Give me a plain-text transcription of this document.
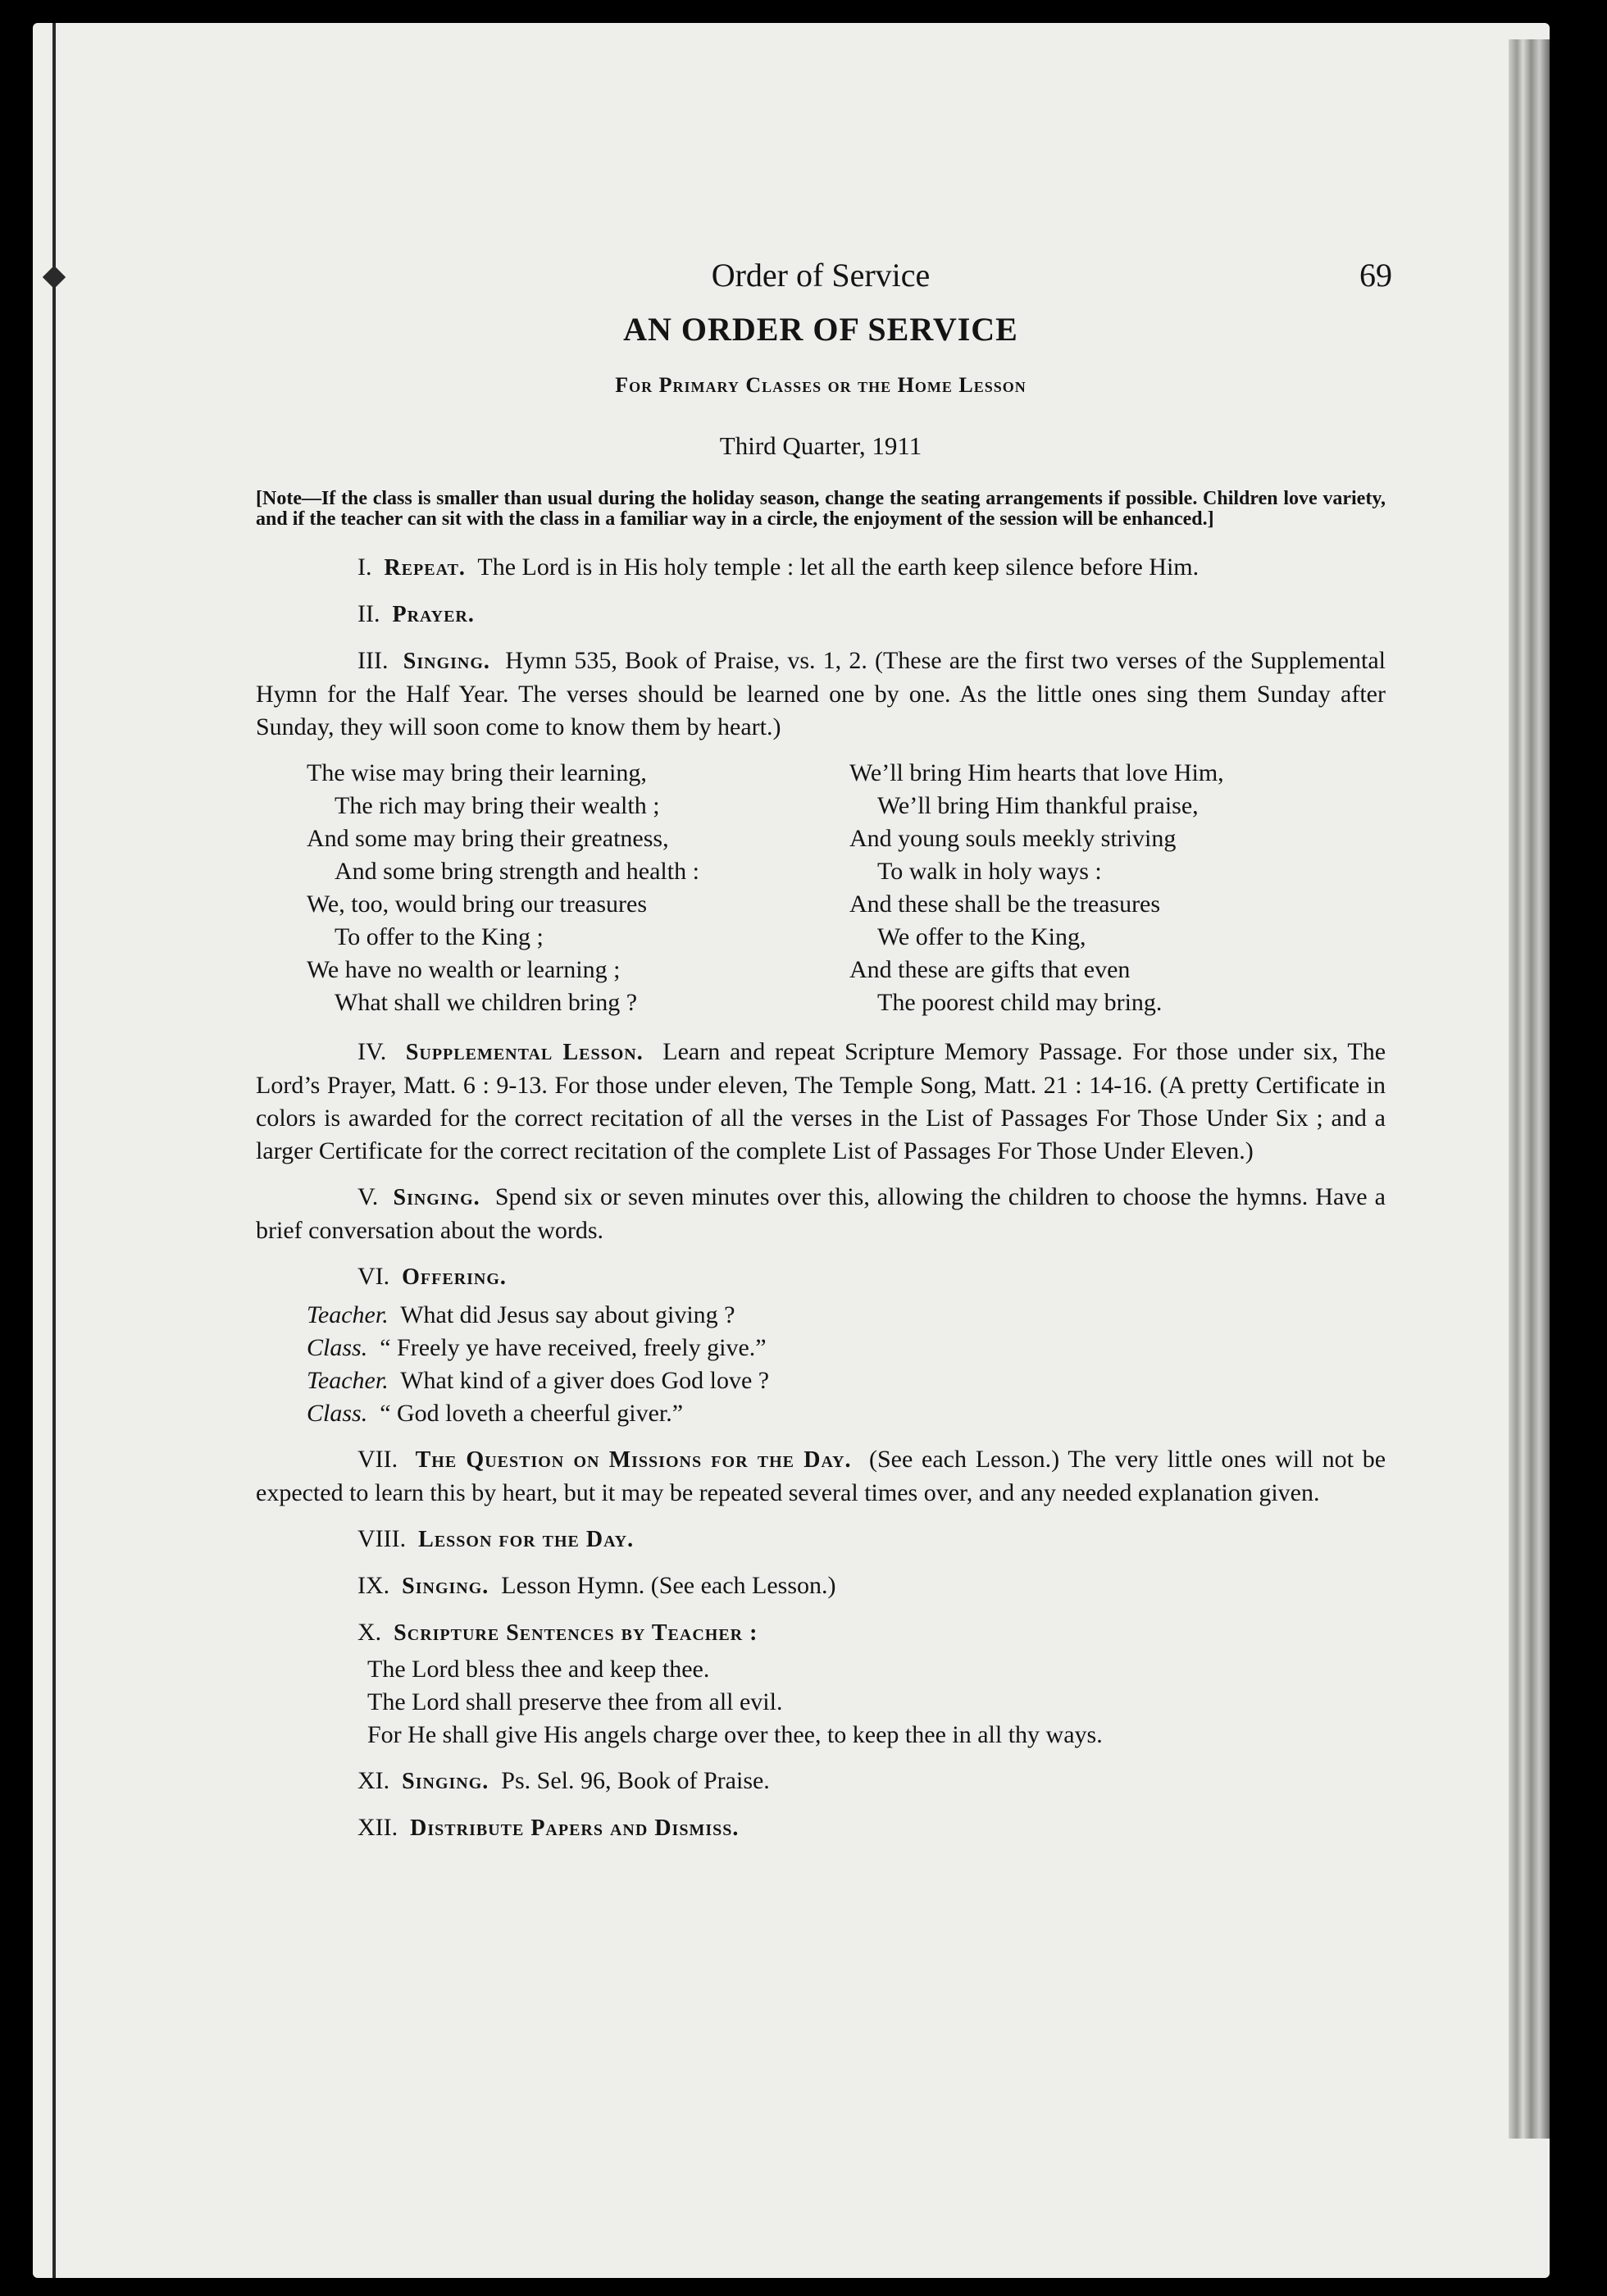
Order of Service	69
AN ORDER OF SERVICE
For Primary Classes or the Home Lesson
Third Quarter, 1911
[Note—If the class is smaller than usual during the holiday season, change the seating arrangements if possible. Children love variety, and if the teacher can sit with the class in a familiar way in a circle, the enjoyment of the session will be enhanced.]

I. Repeat. The Lord is in His holy temple : let all the earth keep silence before Him.

II. Prayer.

III. Singing. Hymn 535, Book of Praise, vs. 1, 2. (These are the first two verses of the Supplemental Hymn for the Half Year. The verses should be learned one by one. As the little ones sing them Sunday after Sunday, they will soon come to know them by heart.)

The wise may bring their learning,
The rich may bring their wealth ;
And some may bring their greatness,
And some bring strength and health :
We, too, would bring our treasures
To offer to the King ;
We have no wealth or learning ;
What shall we children bring ?
We’ll bring Him hearts that love Him,
We’ll bring Him thankful praise,
And young souls meekly striving
To walk in holy ways :
And these shall be the treasures
We offer to the King,
And these are gifts that even
The poorest child may bring.

IV. Supplemental Lesson. Learn and repeat Scripture Memory Passage. For those under six, The Lord’s Prayer, Matt. 6 : 9-13. For those under eleven, The Temple Song, Matt. 21 : 14-16. (A pretty Certificate in colors is awarded for the correct recitation of all the verses in the List of Passages For Those Under Six ; and a larger Certificate for the correct recitation of the complete List of Passages For Those Under Eleven.)

V. Singing. Spend six or seven minutes over this, allowing the children to choose the hymns. Have a brief conversation about the words.

VI. Offering.

Teacher. What did Jesus say about giving ?
Class. “ Freely ye have received, freely give.”
Teacher. What kind of a giver does God love ?
Class. “ God loveth a cheerful giver.”

VII. The Question on Missions for the Day. (See each Lesson.) The very little ones will not be expected to learn this by heart, but it may be repeated several times over, and any needed explanation given.

VIII. Lesson for the Day.

IX. Singing. Lesson Hymn. (See each Lesson.)

X. Scripture Sentences by Teacher :

The Lord bless thee and keep thee.
The Lord shall preserve thee from all evil.
For He shall give His angels charge over thee, to keep thee in all thy ways.

XI. Singing. Ps. Sel. 96, Book of Praise.

XII. Distribute Papers and Dismiss.
